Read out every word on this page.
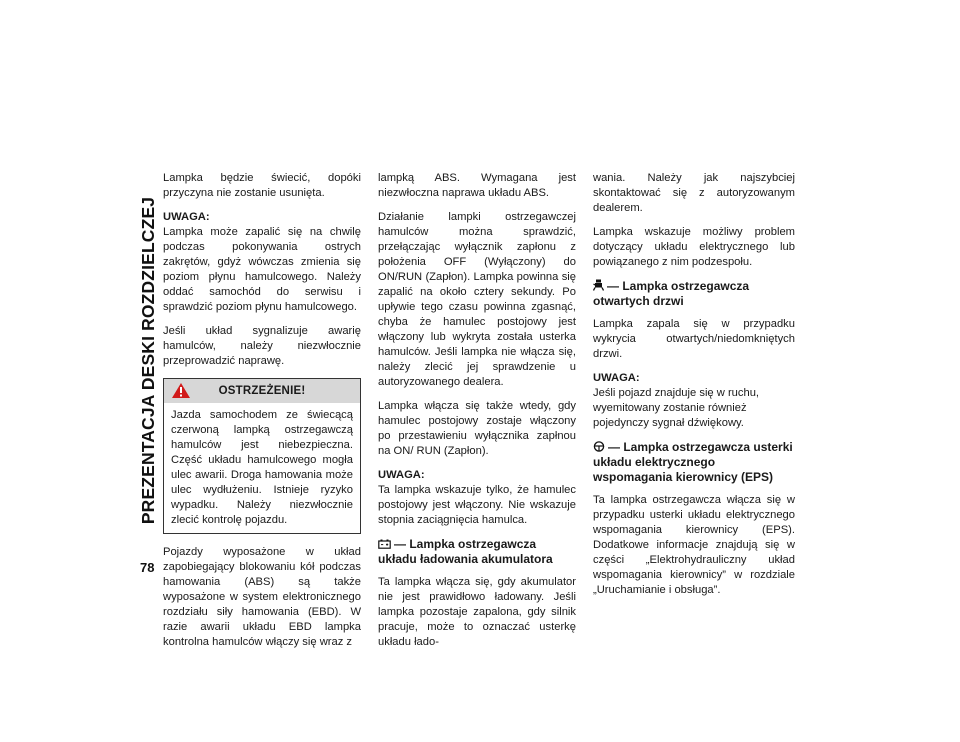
PREZENTACJA DESKI ROZDZIELCZEJ
78

Lampka będzie świecić, dopóki przyczyna nie zostanie usunięta.

UWAGA:

Lampka może zapalić się na chwilę podczas pokonywania ostrych zakrętów, gdyż wówczas zmienia się poziom płynu hamulcowego. Należy oddać samochód do serwisu i sprawdzić poziom płynu hamulcowego.

Jeśli układ sygnalizuje awarię hamulców, należy niezwłocznie przeprowadzić naprawę.

OSTRZEŻENIE!
Jazda samochodem ze świecącą czerwoną lampką ostrzegawczą hamulców jest niebezpieczna. Część układu hamulcowego mogła ulec awarii. Droga hamowania może ulec wydłużeniu. Istnieje ryzyko wypadku. Należy niezwłocznie zlecić kontrolę pojazdu.

Pojazdy wyposażone w układ zapobiegający blokowaniu kół podczas hamowania (ABS) są także wyposażone w system elektronicznego rozdziału siły hamowania (EBD). W razie awarii układu EBD lampka kontrolna hamulców włączy się wraz z

lampką ABS. Wymagana jest niezwłoczna naprawa układu ABS.

Działanie lampki ostrzegawczej hamulców można sprawdzić, przełączając wyłącznik zapłonu z położenia OFF (Wyłączony) do ON/RUN (Zapłon). Lampka powinna się zapalić na około cztery sekundy. Po upływie tego czasu powinna zgasnąć, chyba że hamulec postojowy jest włączony lub wykryta została usterka hamulców. Jeśli lampka nie włącza się, należy zlecić jej sprawdzenie u autoryzowanego dealera.

Lampka włącza się także wtedy, gdy hamulec postojowy zostaje włączony po przestawieniu wyłącznika zapłnou na ON/ RUN (Zapłon).

UWAGA:

Ta lampka wskazuje tylko, że hamulec postojowy jest włączony. Nie wskazuje stopnia zaciągnięcia hamulca.

— Lampka ostrzegawcza układu ładowania akumulatora

Ta lampka włącza się, gdy akumulator nie jest prawidłowo ładowany. Jeśli lampka pozostaje zapalona, gdy silnik pracuje, może to oznaczać usterkę układu łado-

wania. Należy jak najszybciej skontaktować się z autoryzowanym dealerem.

Lampka wskazuje możliwy problem dotyczący układu elektrycznego lub powiązanego z nim podzespołu.

— Lampka ostrzegawcza otwartych drzwi

Lampka zapala się w przypadku wykrycia otwartych/niedomkniętych drzwi.

UWAGA:

Jeśli pojazd znajduje się w ruchu, wyemitowany zostanie również pojedynczy sygnał dźwiękowy.

— Lampka ostrzegawcza usterki układu elektrycznego wspomagania kierownicy (EPS)

Ta lampka ostrzegawcza włącza się w przypadku usterki układu elektrycznego wspomagania kierownicy (EPS). Dodatkowe informacje znajdują się w części „Elektrohydrauliczny układ wspomagania kierownicy” w rozdziale „Uruchamianie i obsługa”.
